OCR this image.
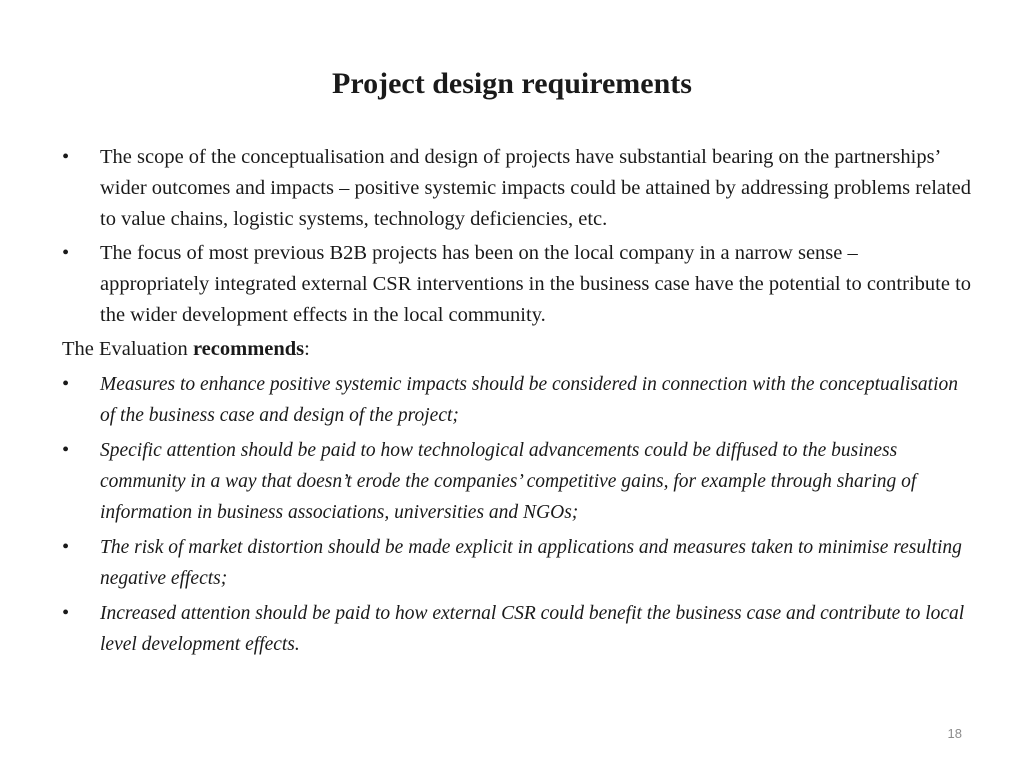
Project design requirements
•	The scope of the conceptualisation and design of projects have substantial bearing on the partnerships’ wider outcomes and impacts – positive systemic impacts could be attained by addressing problems related to value chains, logistic systems, technology deficiencies, etc.
•	The focus of most previous B2B projects has been on the local company in a narrow sense – appropriately integrated external CSR interventions in the business case have the potential to contribute to the wider development effects in the local community.
The Evaluation recommends:
•	Measures to enhance positive systemic impacts should be considered in connection with the conceptualisation of the business case and design of the project;
•	Specific attention should be paid to how technological advancements could be diffused to the business community in a way that doesn’t erode the companies’ competitive gains, for example through sharing of information in business associations, universities and NGOs;
•	The risk of market distortion should be made explicit in applications and measures taken to minimise resulting negative effects;
•	Increased attention should be paid to how external CSR could benefit the business case and contribute to local level development effects.
18
